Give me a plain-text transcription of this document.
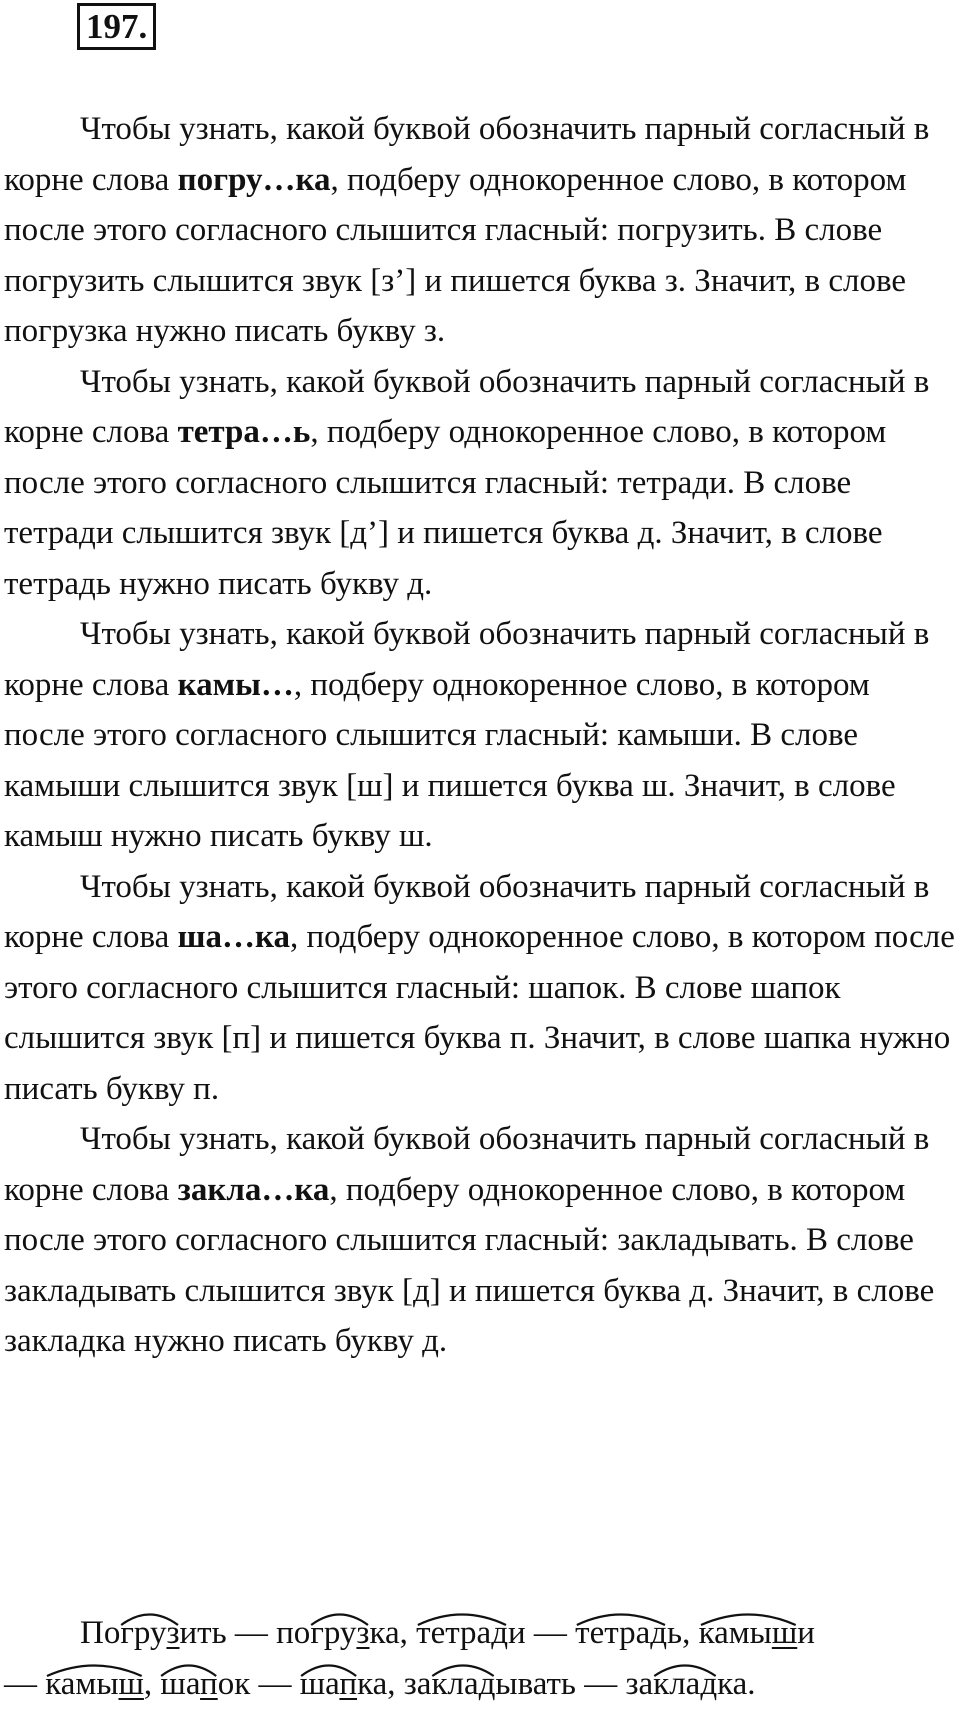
197.

Чтобы узнать, какой буквой обозначить парный согласный в корне слова погру…ка, подберу однокоренное слово, в котором после этого согласного слышится гласный: погрузить. В слове погрузить слышится звук [з’] и пишется буква з. Значит, в слове погрузка нужно писать букву з.

Чтобы узнать, какой буквой обозначить парный согласный в корне слова тетра…ь, подберу однокоренное слово, в котором после этого согласного слышится гласный: тетради. В слове тетради слышится звук [д’] и пишется буква д. Значит, в слове тетрадь нужно писать букву д.

Чтобы узнать, какой буквой обозначить парный согласный в корне слова камы…, подберу однокоренное слово, в котором после этого согласного слышится гласный: камыши. В слове камыши слышится звук [ш] и пишется буква ш. Значит, в слове камыш нужно писать букву ш.

Чтобы узнать, какой буквой обозначить парный согласный в корне слова ша…ка, подберу однокоренное слово, в котором после этого согласного слышится гласный: шапок. В слове шапок слышится звук [п] и пишется буква п. Значит, в слове шапка нужно писать букву п.

Чтобы узнать, какой буквой обозначить парный согласный в корне слова закла…ка, подберу однокоренное слово, в котором после этого согласного слышится гласный: закладывать. В слове закладывать слышится звук [д] и пишется буква д. Значит, в слове закладка нужно писать букву д.

По
грузить — по
грузка,
тетради —
тетрадь,
камыши
—
камыш,
шапок —
шапка, за
кладывать — за
кладка.
